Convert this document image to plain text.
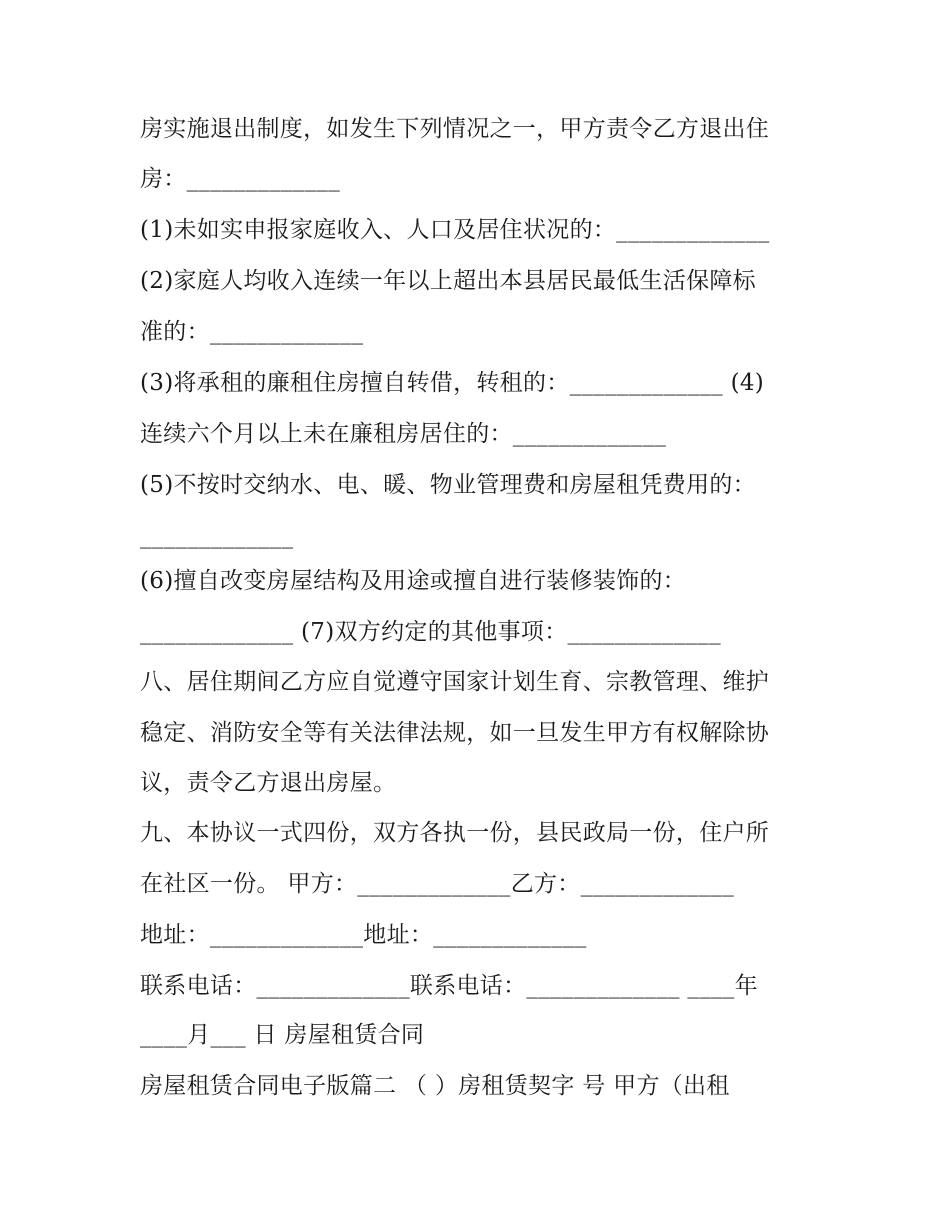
房实施退出制度，如发生下列情况之一，甲方责令乙方退出住
房：_____________
(1)未如实申报家庭收入、人口及居住状况的：_____________
(2)家庭人均收入连续一年以上超出本县居民最低生活保障标
准的：_____________
(3)将承租的廉租住房擅自转借，转租的：_____________ (4)
连续六个月以上未在廉租房居住的：_____________
(5)不按时交纳水、电、暖、物业管理费和房屋租凭费用的：
_____________
(6)擅自改变房屋结构及用途或擅自进行装修装饰的：
_____________ (7)双方约定的其他事项：_____________
八、居住期间乙方应自觉遵守国家计划生育、宗教管理、维护
稳定、消防安全等有关法律法规，如一旦发生甲方有权解除协
议，责令乙方退出房屋。
九、本协议一式四份，双方各执一份，县民政局一份，住户所
在社区一份。 甲方：_____________乙方：_____________
地址：_____________地址：_____________
联系电话：_____________联系电话：_____________ ____年
____月___ 日 房屋租赁合同
房屋租赁合同电子版篇二 （ ）房租赁契字 号 甲方（出租
